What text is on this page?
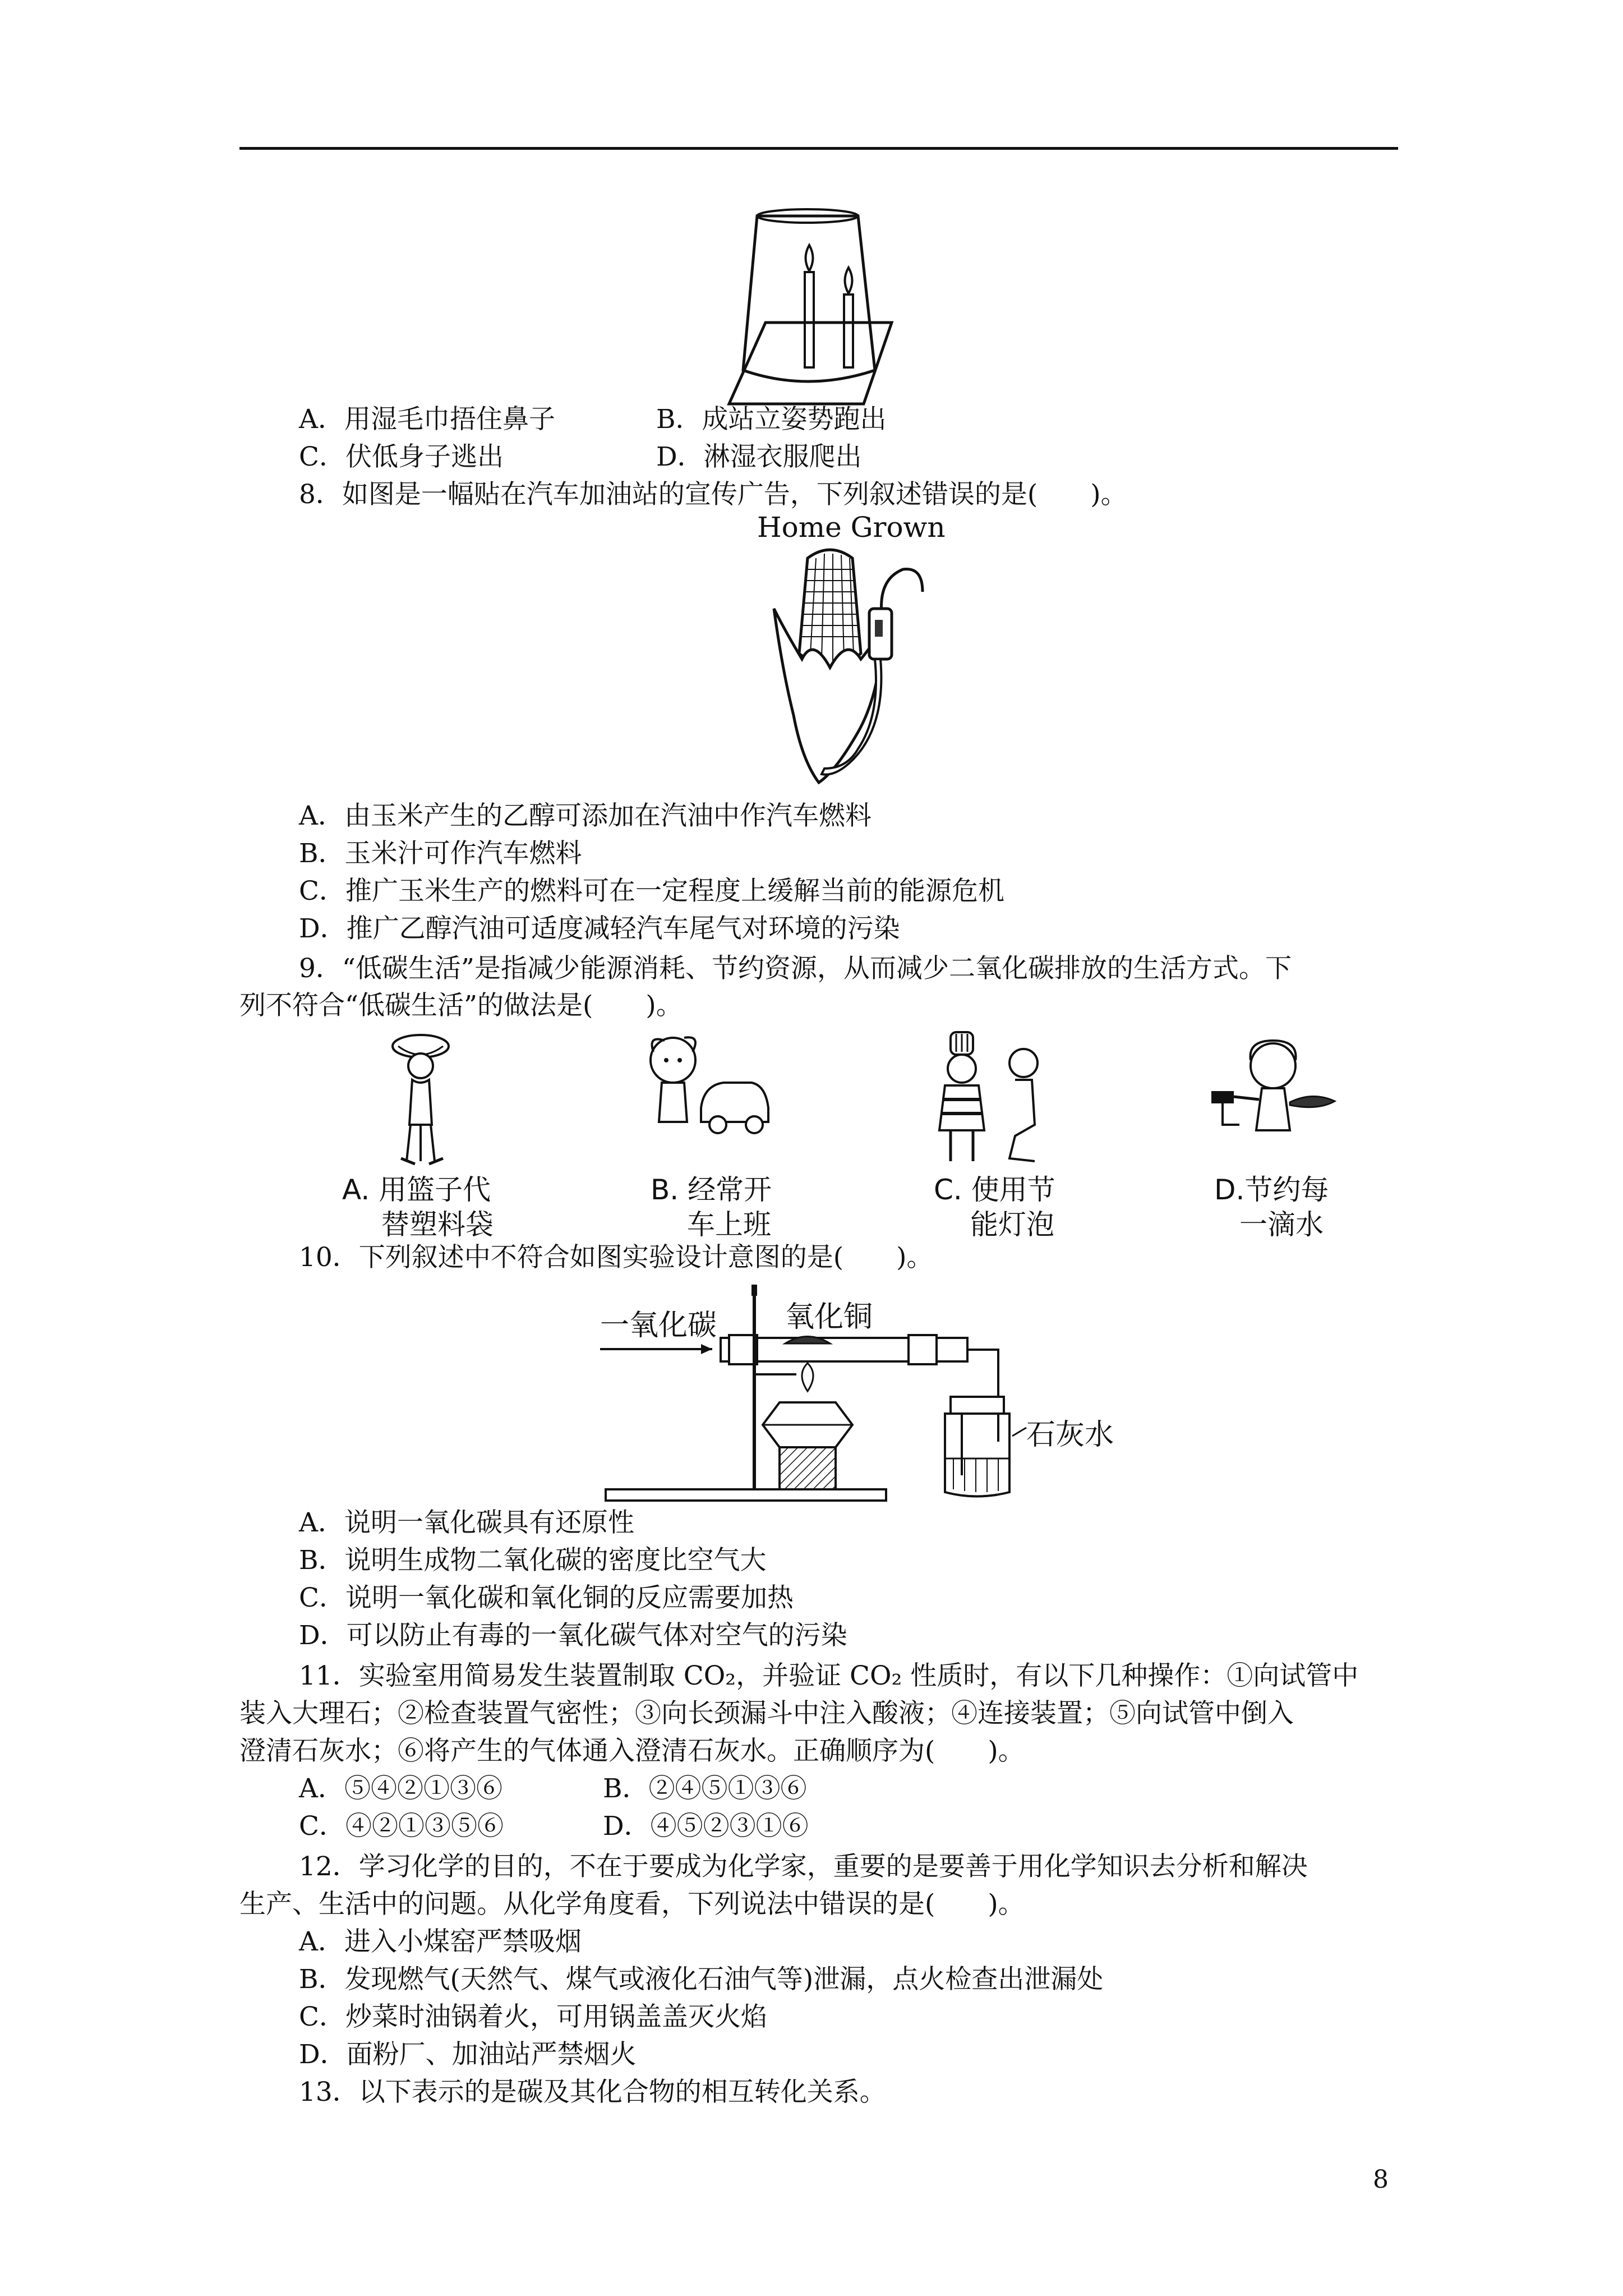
A．用湿毛巾捂住鼻子	B．成站立姿势跑出
C．伏低身子逃出	D．淋湿衣服爬出
8．如图是一幅贴在汽车加油站的宣传广告，下列叙述错误的是(　　)。
Home Grown
A．由玉米产生的乙醇可添加在汽油中作汽车燃料
B．玉米汁可作汽车燃料
C．推广玉米生产的燃料可在一定程度上缓解当前的能源危机
D．推广乙醇汽油可适度减轻汽车尾气对环境的污染
9．“低碳生活”是指减少能源消耗、节约资源，从而减少二氧化碳排放的生活方式。下
列不符合“低碳生活”的做法是(　　)。
A. 用篮子代
替塑料袋
B. 经常开
车上班
C. 使用节
能灯泡
D.节约每
一滴水
10．下列叙述中不符合如图实验设计意图的是(　　)。
一氧化碳 氧化铜
石灰水
A．说明一氧化碳具有还原性
B．说明生成物二氧化碳的密度比空气大
C．说明一氧化碳和氧化铜的反应需要加热
D．可以防止有毒的一氧化碳气体对空气的污染
11．实验室用简易发生装置制取 CO₂，并验证 CO₂ 性质时，有以下几种操作：①向试管中
装入大理石；②检查装置气密性；③向长颈漏斗中注入酸液；④连接装置；⑤向试管中倒入
澄清石灰水；⑥将产生的气体通入澄清石灰水。正确顺序为(　　)。
A．⑤④②①③⑥	B．②④⑤①③⑥
C．④②①③⑤⑥	D．④⑤②③①⑥
12．学习化学的目的，不在于要成为化学家，重要的是要善于用化学知识去分析和解决
生产、生活中的问题。从化学角度看，下列说法中错误的是(　　)。
A．进入小煤窑严禁吸烟
B．发现燃气(天然气、煤气或液化石油气等)泄漏，点火检查出泄漏处
C．炒菜时油锅着火，可用锅盖盖灭火焰
D．面粉厂、加油站严禁烟火
13．以下表示的是碳及其化合物的相互转化关系。
8
